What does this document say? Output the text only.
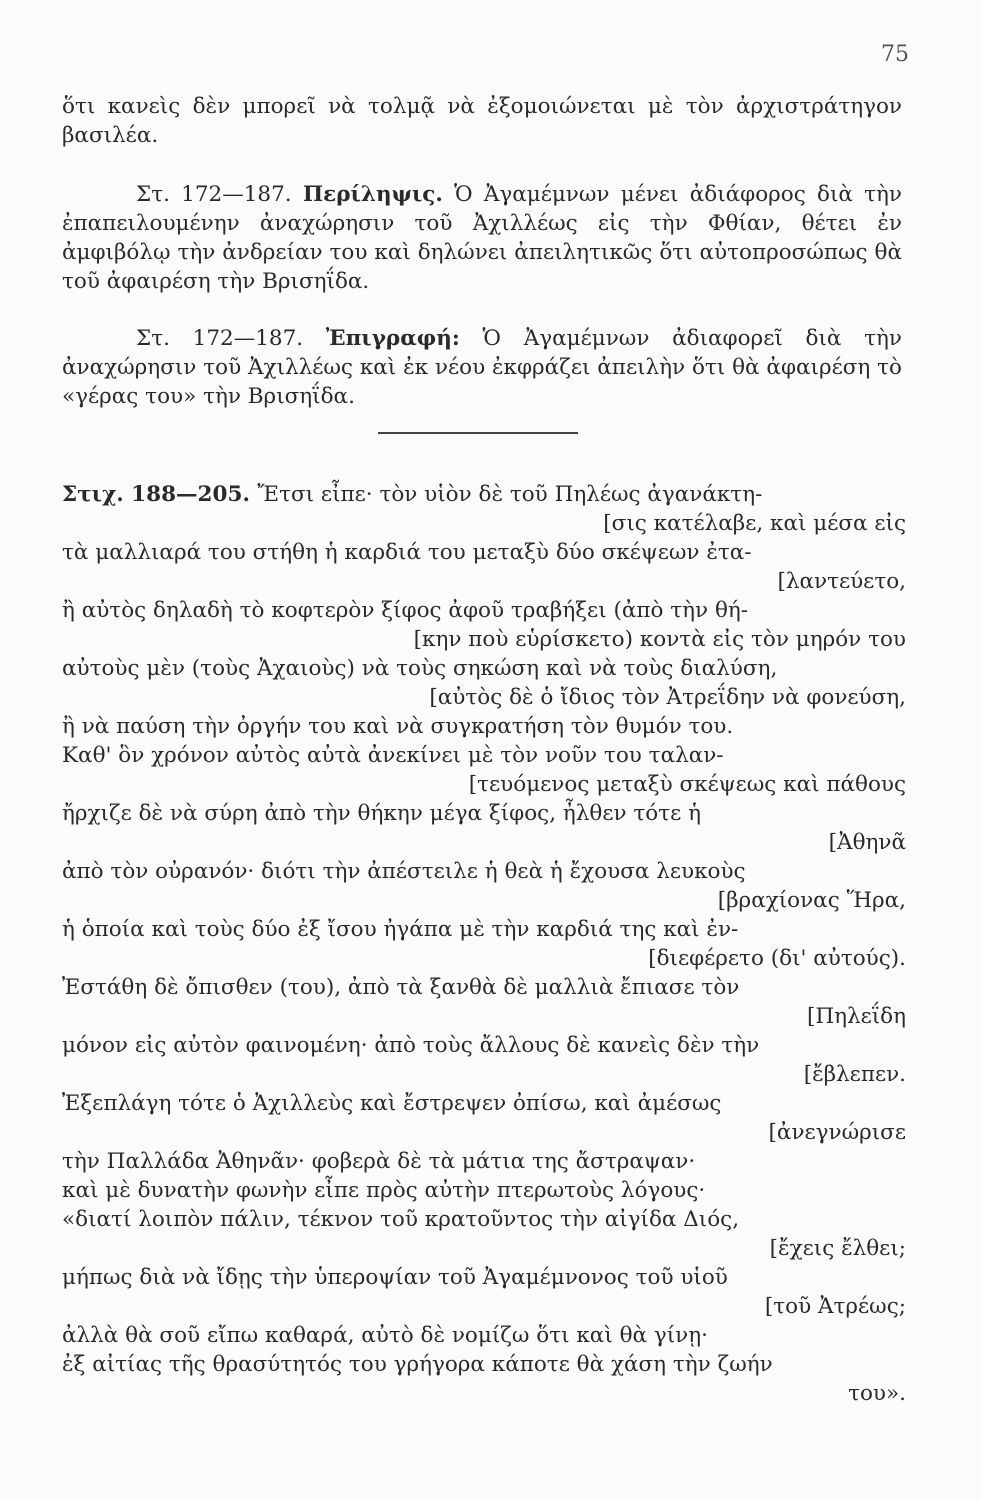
75

ὅτι κανεὶς δὲν μπορεῖ νὰ τολμᾷ νὰ ἐξομοιώνεται μὲ τὸν ἀρχιστράτηγον βασιλέα.

Στ. 172—187. Περίληψις. Ὁ Ἀγαμέμνων μένει ἀδιάφορος διὰ τὴν ἐπαπειλουμένην ἀναχώρησιν τοῦ Ἀχιλλέως εἰς τὴν Φθίαν, θέτει ἐν ἀμφιβόλῳ τὴν ἀνδρείαν του καὶ δηλώνει ἀπειλητικῶς ὅτι αὐτοπροσώπως θὰ τοῦ ἀφαιρέση τὴν Βρισηΐδα.

Στ. 172—187. Ἐπιγραφή: Ὁ Ἀγαμέμνων ἀδιαφορεῖ διὰ τὴν ἀναχώρησιν τοῦ Ἀχιλλέως καὶ ἐκ νέου ἐκφράζει ἀπειλὴν ὅτι θὰ ἀφαιρέση τὸ «γέρας του» τὴν Βρισηΐδα.

Στιχ. 188—205. Ἔτσι εἶπε· τὸν υἱὸν δὲ τοῦ Πηλέως ἀγανάκτη-
[σις κατέλαβε, καὶ μέσα εἰς
τὰ μαλλιαρά του στήθη ἡ καρδιά του μεταξὺ δύο σκέψεων ἐτα-
[λαντεύετο,
ἢ αὐτὸς δηλαδὴ τὸ κοφτερὸν ξίφος ἀφοῦ τραβήξει (ἀπὸ τὴν θή-
[κην ποὺ εὑρίσκετο) κοντὰ εἰς τὸν μηρόν του
αὐτοὺς μὲν (τοὺς Ἀχαιοὺς) νὰ τοὺς σηκώση καὶ νὰ τοὺς διαλύση,
[αὐτὸς δὲ ὁ ἴδιος τὸν Ἀτρεΐδην νὰ φονεύση,
ἢ νὰ παύση τὴν ὀργήν του καὶ νὰ συγκρατήση τὸν θυμόν του.
Καθ' ὃν χρόνον αὐτὸς αὐτὰ ἀνεκίνει μὲ τὸν νοῦν του ταλαν-
[τευόμενος μεταξὺ σκέψεως καὶ πάθους
ἤρχιζε δὲ νὰ σύρη ἀπὸ τὴν θήκην μέγα ξίφος, ἦλθεν τότε ἡ
[Ἀθηνᾶ
ἀπὸ τὸν οὐρανόν· διότι τὴν ἀπέστειλε ἡ θεὰ ἡ ἔχουσα λευκοὺς
[βραχίονας Ἥρα,
ἡ ὁποία καὶ τοὺς δύο ἐξ ἴσου ἠγάπα μὲ τὴν καρδιά της καὶ ἐν-
[διεφέρετο (δι' αὐτούς).
Ἐστάθη δὲ ὄπισθεν (του), ἀπὸ τὰ ξανθὰ δὲ μαλλιὰ ἔπιασε τὸν
[Πηλεΐδη
μόνον εἰς αὐτὸν φαινομένη· ἀπὸ τοὺς ἄλλους δὲ κανεὶς δὲν τὴν
[ἔβλεπεν.
Ἐξεπλάγη τότε ὁ Ἀχιλλεὺς καὶ ἔστρεψεν ὀπίσω, καὶ ἀμέσως
[ἀνεγνώρισε
τὴν Παλλάδα Ἀθηνᾶν· φοβερὰ δὲ τὰ μάτια της ἄστραψαν·
καὶ μὲ δυνατὴν φωνὴν εἶπε πρὸς αὐτὴν πτερωτοὺς λόγους·
«διατί λοιπὸν πάλιν, τέκνον τοῦ κρατοῦντος τὴν αἰγίδα Διός,
[ἔχεις ἔλθει;
μήπως διὰ νὰ ἴδῃς τὴν ὑπεροψίαν τοῦ Ἀγαμέμνονος τοῦ υἱοῦ
[τοῦ Ἀτρέως;
ἀλλὰ θὰ σοῦ εἴπω καθαρά, αὐτὸ δὲ νομίζω ὅτι καὶ θὰ γίνῃ·
ἐξ αἰτίας τῆς θρασύτητός του γρήγορα κάποτε θὰ χάση τὴν ζωήν
του».
